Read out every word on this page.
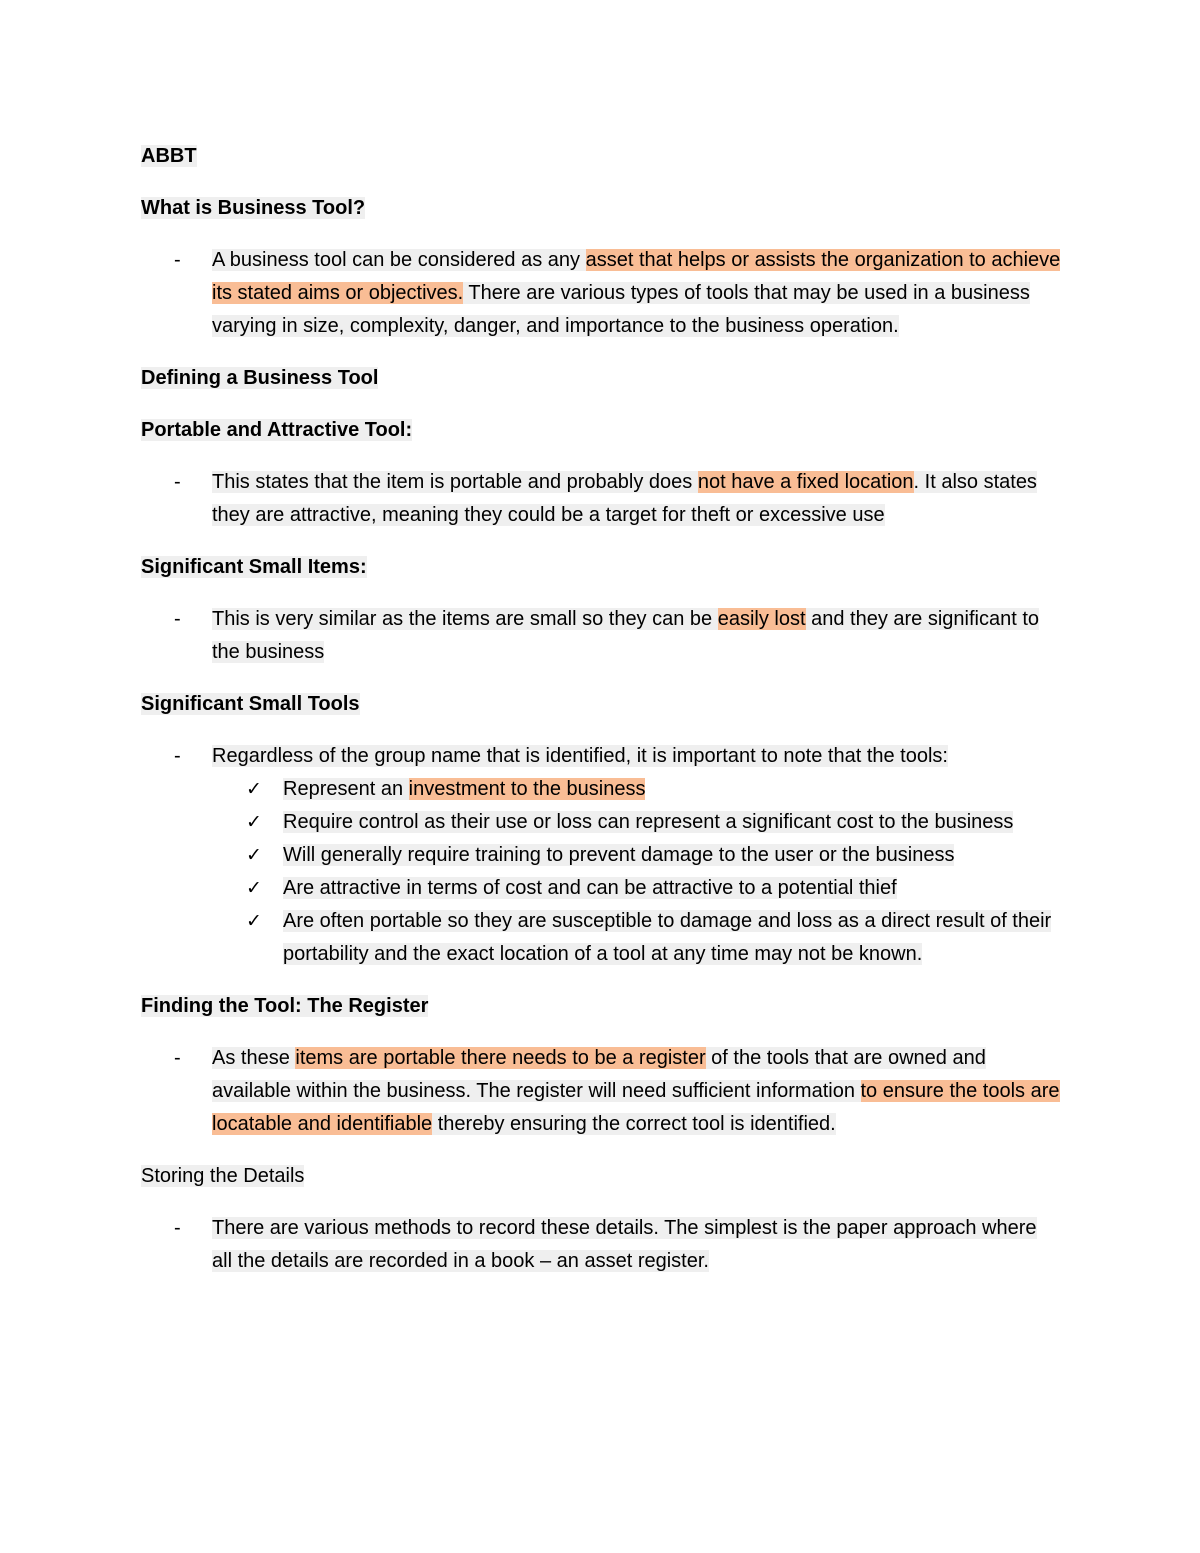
ABBT

What is Business Tool?

- A business tool can be considered as any asset that helps or assists the organization to achieve its stated aims or objectives. There are various types of tools that may be used in a business varying in size, complexity, danger, and importance to the business operation.

Defining a Business Tool

Portable and Attractive Tool:

- This states that the item is portable and probably does not have a fixed location. It also states they are attractive, meaning they could be a target for theft or excessive use

Significant Small Items:

- This is very similar as the items are small so they can be easily lost and they are significant to the business

Significant Small Tools

- Regardless of the group name that is identified, it is important to note that the tools:
✓ Represent an investment to the business
✓ Require control as their use or loss can represent a significant cost to the business
✓ Will generally require training to prevent damage to the user or the business
✓ Are attractive in terms of cost and can be attractive to a potential thief
✓ Are often portable so they are susceptible to damage and loss as a direct result of their portability and the exact location of a tool at any time may not be known.

Finding the Tool: The Register

- As these items are portable there needs to be a register of the tools that are owned and available within the business. The register will need sufficient information to ensure the tools are locatable and identifiable thereby ensuring the correct tool is identified.

Storing the Details

- There are various methods to record these details. The simplest is the paper approach where all the details are recorded in a book – an asset register.
